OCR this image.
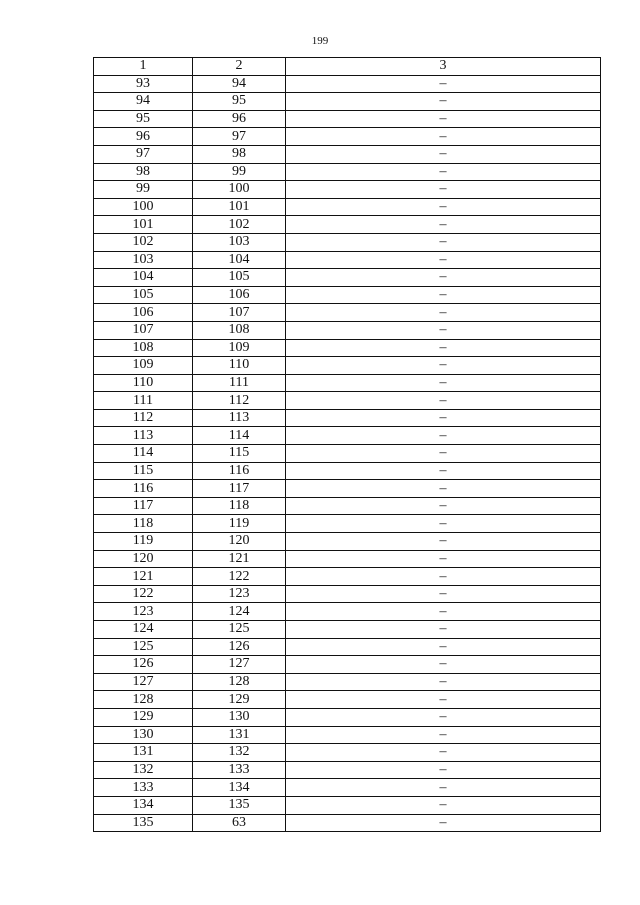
199
1	2	3
93	94	–
94	95	–
95	96	–
96	97	–
97	98	–
98	99	–
99	100	–
100	101	–
101	102	–
102	103	–
103	104	–
104	105	–
105	106	–
106	107	–
107	108	–
108	109	–
109	110	–
110	111	–
111	112	–
112	113	–
113	114	–
114	115	–
115	116	–
116	117	–
117	118	–
118	119	–
119	120	–
120	121	–
121	122	–
122	123	–
123	124	–
124	125	–
125	126	–
126	127	–
127	128	–
128	129	–
129	130	–
130	131	–
131	132	–
132	133	–
133	134	–
134	135	–
135	63	–
